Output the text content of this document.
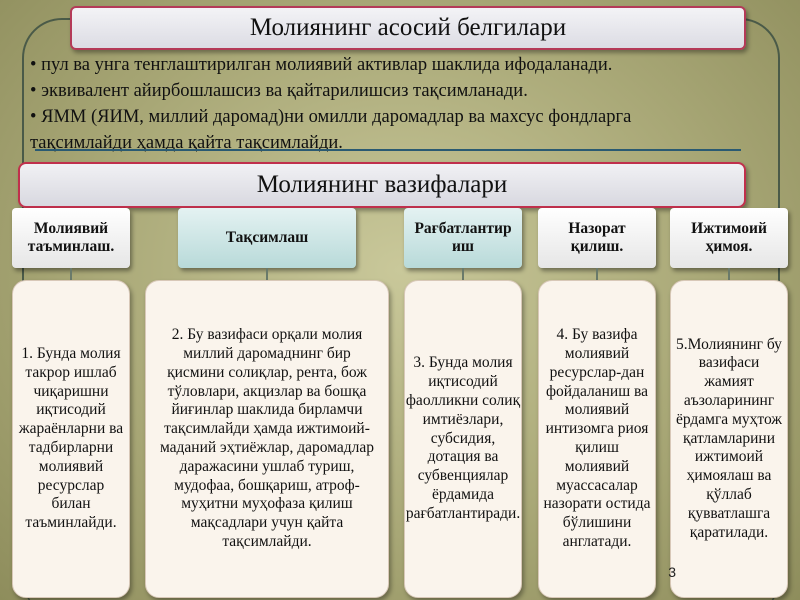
Молиянинг асосий белгилари
• пул ва унга тенглаштирилган молиявий активлар шаклида ифодаланади.
• эквивалент айирбошлашсиз ва қайтарилишсиз тақсимланади.
• ЯММ (ЯИМ, миллий даромад)ни омилли даромадлар ва махсус фондларга
тақсимлайди ҳамда қайта тақсимлайди.
Молиянинг вазифалари
Молиявий таъминлаш.
Тақсимлаш
Рағбатлантириш
Назорат қилиш.
Ижтимоий ҳимоя.
1. Бунда молия такрор ишлаб чиқаришни иқтисодий жараёнларни ва тадбирларни молиявий ресурслар билан таъминлайди.
2. Бу вазифаси орқали молия миллий даромаднинг бир қисмини солиқлар, рента, бож тўловлари, акцизлар ва бошқа йиғинлар шаклида бирламчи тақсимлайди ҳамда ижтимоий-маданий эҳтиёжлар, даромадлар даражасини ушлаб туриш, мудофаа, бошқариш, атроф-муҳитни муҳофаза қилиш мақсадлари учун қайта тақсимлайди.
3. Бунда молия иқтисодий фаолликни солиқ имтиёзлари, субсидия, дотация ва субвенциялар ёрдамида рағбатлантиради.
4. Бу вазифа молиявий ресурслар-дан фойдаланиш ва молиявий интизомга риоя қилиш молиявий муассасалар назорати остида бўлишини англатади.
5.Молиянинг бу вазифаси жамият аъзоларининг ёрдамга муҳтож қатламларини ижтимоий ҳимоялаш ва қўллаб қувватлашга қаратилади.
3
